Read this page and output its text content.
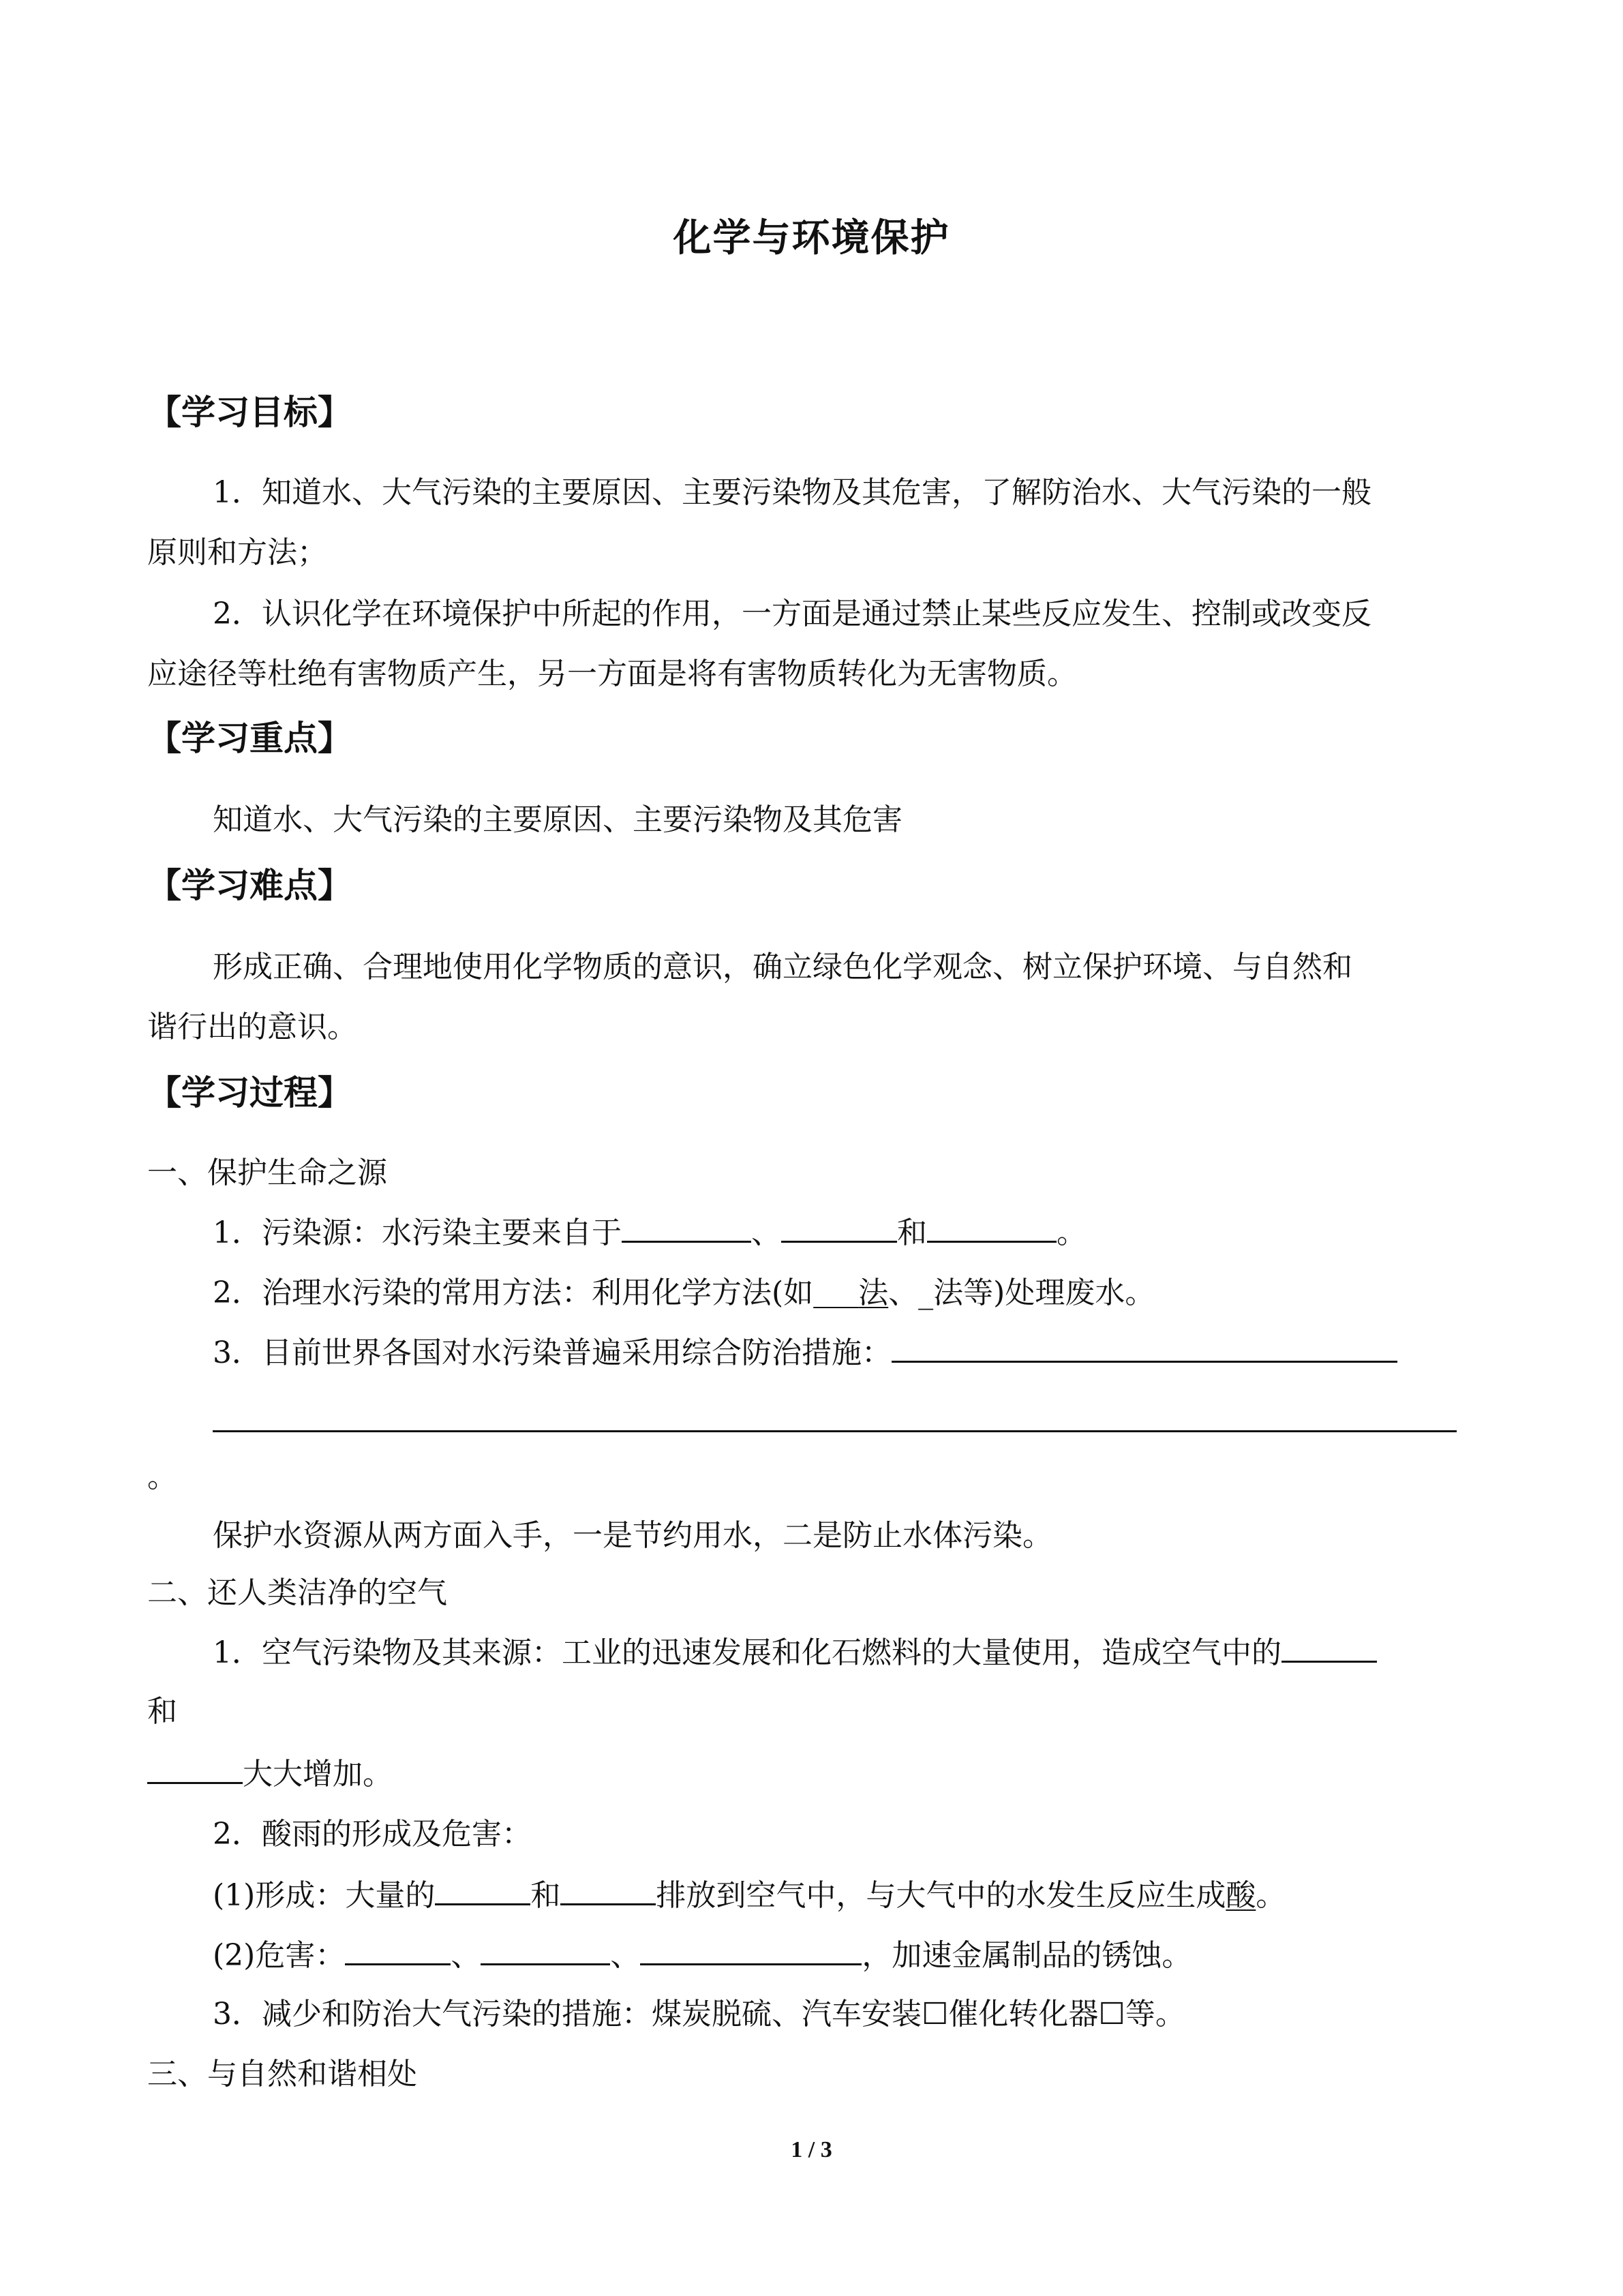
化学与环境保护
【学习目标】
1．知道水、大气污染的主要原因、主要污染物及其危害，了解防治水、大气污染的一般
原则和方法；
2．认识化学在环境保护中所起的作用，一方面是通过禁止某些反应发生、控制或改变反
应途径等杜绝有害物质产生，另一方面是将有害物质转化为无害物质。
【学习重点】
知道水、大气污染的主要原因、主要污染物及其危害
【学习难点】
形成正确、合理地使用化学物质的意识，确立绿色化学观念、树立保护环境、与自然和
谐行出的意识。
【学习过程】
一、保护生命之源
1．污染源：水污染主要来自于	、	和	。
2．治理水污染的常用方法：利用化学方法(如    法、_法等)处理废水。
3．目前世界各国对水污染普遍采用综合防治措施：
。
保护水资源从两方面入手，一是节约用水，二是防止水体污染。
二、还人类洁净的空气
1．空气污染物及其来源：工业的迅速发展和化石燃料的大量使用，造成空气中的
和
大大增加。
2．酸雨的形成及危害：
(1)形成：大量的	和	排放到空气中，与大气中的水发生反应生成酸。
(2)危害：	、	、	，加速金属制品的锈蚀。
3．减少和防治大气污染的措施：煤炭脱硫、汽车安装☐催化转化器☐等。
三、与自然和谐相处
1 / 3
